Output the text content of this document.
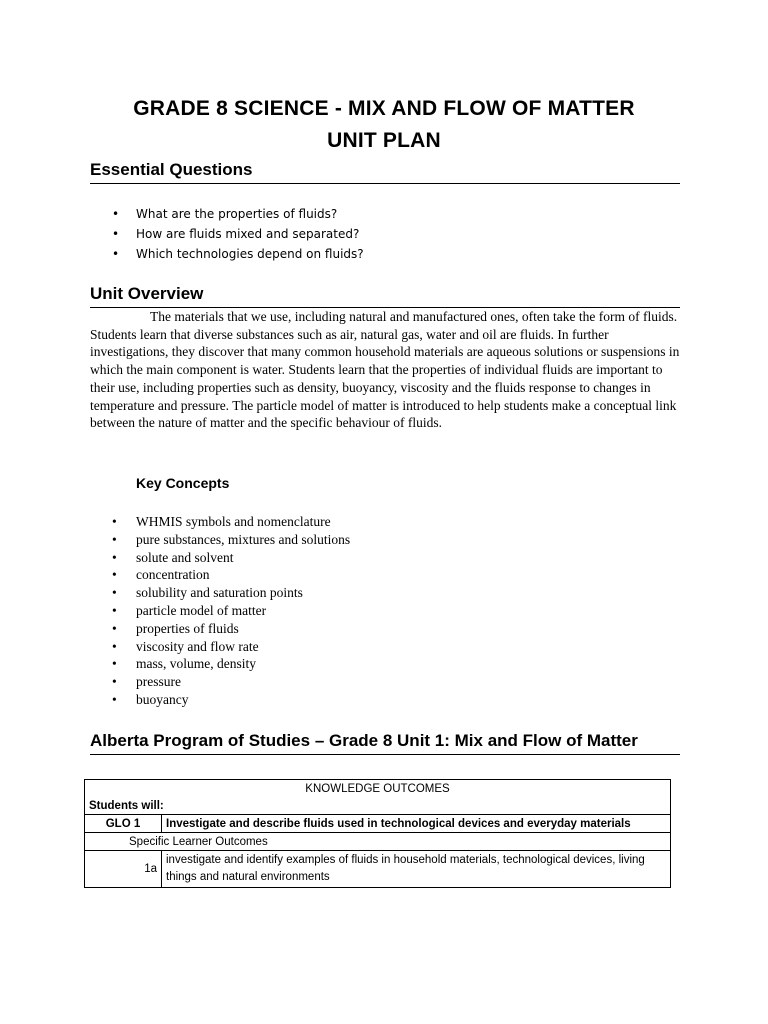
GRADE 8 SCIENCE - MIX AND FLOW OF MATTER
UNIT PLAN
Essential Questions
• What are the properties of fluids?
• How are fluids mixed and separated?
• Which technologies depend on fluids?
Unit Overview

The materials that we use, including natural and manufactured ones, often take the form of fluids. Students learn that diverse substances such as air, natural gas, water and oil are fluids. In further investigations, they discover that many common household materials are aqueous solutions or suspensions in which the main component is water. Students learn that the properties of individual fluids are important to their use, including properties such as density, buoyancy, viscosity and the fluids response to changes in temperature and pressure. The particle model of matter is introduced to help students make a conceptual link between the nature of matter and the specific behaviour of fluids.

Key Concepts
• WHMIS symbols and nomenclature
• pure substances, mixtures and solutions
• solute and solvent
• concentration
• solubility and saturation points
• particle model of matter
• properties of fluids
• viscosity and flow rate
• mass, volume, density
• pressure
• buoyancy
Alberta Program of Studies – Grade 8 Unit 1: Mix and Flow of Matter
KNOWLEDGE OUTCOMES	
Students will:	
GLO 1	Investigate and describe fluids used in technological devices and everyday materials
Specific Learner Outcomes	
1a	investigate and identify examples of fluids in household materials, technological devices, living things and natural environments
